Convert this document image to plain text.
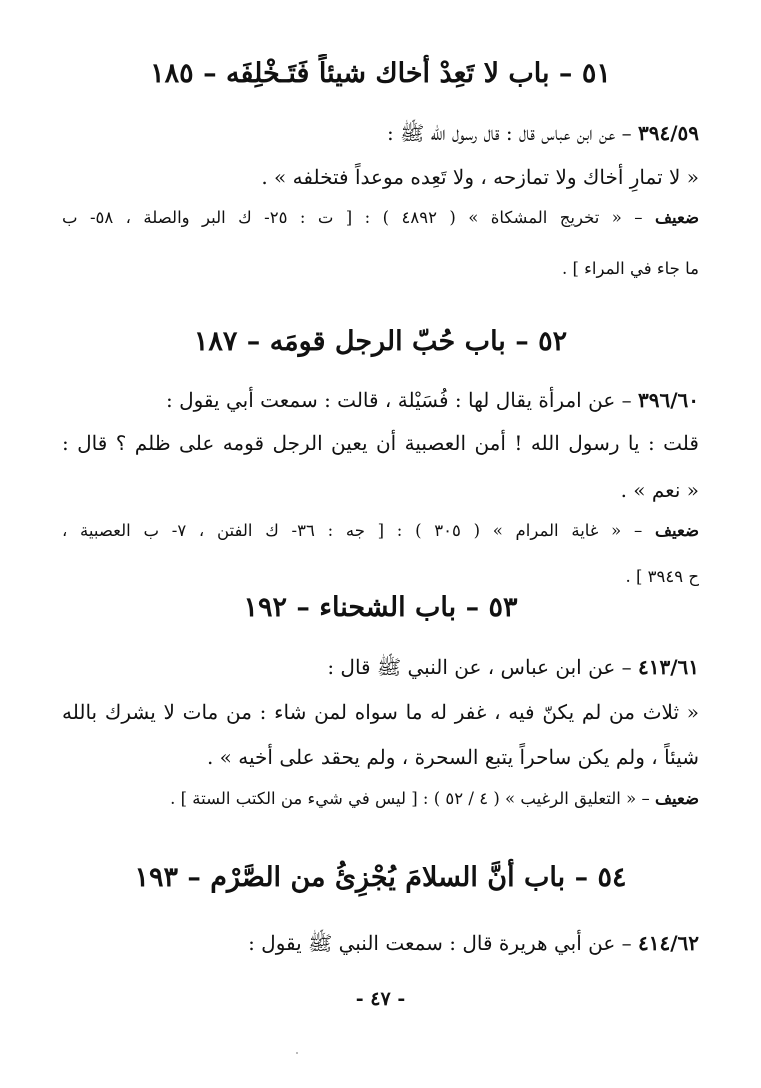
٥١ – باب لا تَعِدْ أخاك شيئاً فَتَـخْلِفَه – ١٨٥
٣٩٤/٥٩ – عن ابن عباس قال : قال رسول الله ﷺ :
« لا تمارِ أخاك ولا تمازحه ، ولا تَعِده موعداً فتخلفه » .
ضعيف – « تخريج المشكاة » ( ٤٨٩٢ ) : [ ت : ٢٥- ك البر والصلة ، ٥٨- ب
ما جاء في المراء ] .
٥٢ – باب حُبّ الرجل قومَه – ١٨٧
٣٩٦/٦٠ – عن امرأة يقال لها : فُسَيْلة ، قالت : سمعت أبي يقول :
قلت : يا رسول الله ! أمن العصبية أن يعين الرجل قومه على ظلم ؟ قال :
« نعم » .
ضعيف – « غاية المرام » ( ٣٠٥ ) : [ جه : ٣٦- ك الفتن ، ٧- ب العصبية ،
ح ٣٩٤٩ ] .
٥٣ – باب الشحناء – ١٩٢
٤١٣/٦١ – عن ابن عباس ، عن النبي ﷺ قال :
« ثلاث من لم يكنّ فيه ، غفر له ما سواه لمن شاء : من مات لا يشرك بالله
شيئاً ، ولم يكن ساحراً يتبع السحرة ، ولم يحقد على أخيه » .
ضعيف – « التعليق الرغيب » ( ٤ / ٥٢ ) : [ ليس في شيء من الكتب الستة ] .
٥٤ – باب أنَّ السلامَ يُجْزِئُ من الصَّرْم – ١٩٣
٤١٤/٦٢ – عن أبي هريرة قال : سمعت النبي ﷺ يقول :
- ٤٧ -
